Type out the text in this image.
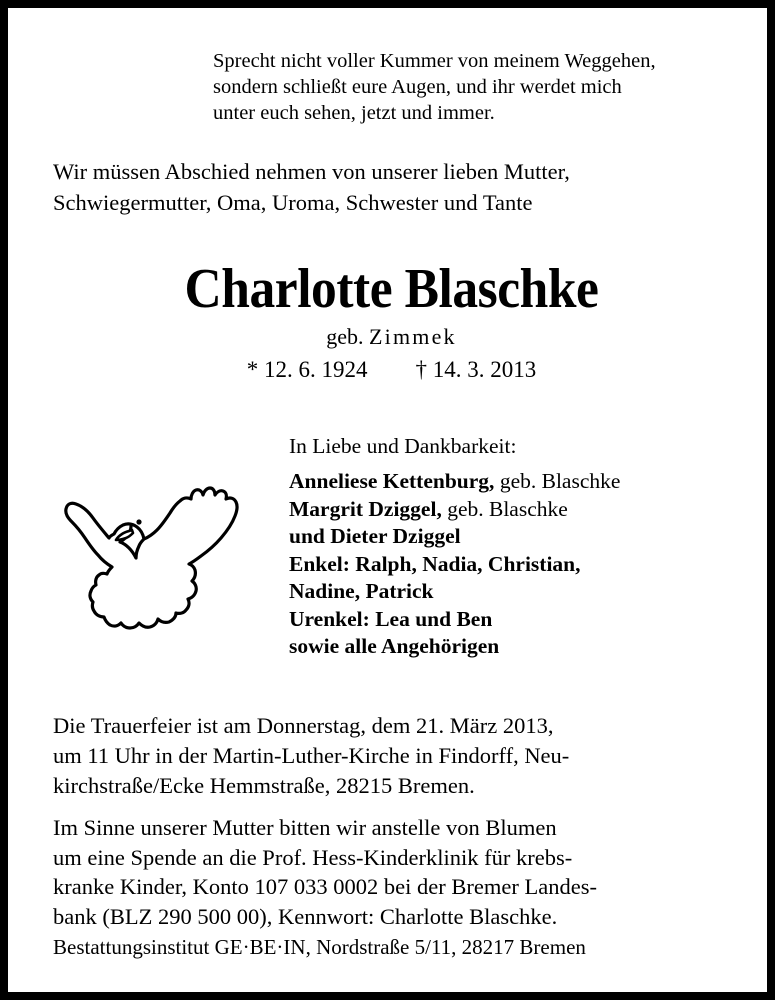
Sprecht nicht voller Kummer von meinem Weggehen,
sondern schließt eure Augen, und ihr werdet mich
unter euch sehen, jetzt und immer.
Wir müssen Abschied nehmen von unserer lieben Mutter,
Schwiegermutter, Oma, Uroma, Schwester und Tante
Charlotte Blaschke
geb. Zimmek
* 12. 6. 1924 † 14. 3. 2013
In Liebe und Dankbarkeit:
Anneliese Kettenburg, geb. Blaschke
Margrit Dziggel, geb. Blaschke
und Dieter Dziggel
Enkel: Ralph, Nadia, Christian,
Nadine, Patrick
Urenkel: Lea und Ben
sowie alle Angehörigen
Die Trauerfeier ist am Donnerstag, dem 21. März 2013,
um 11 Uhr in der Martin-Luther-Kirche in Findorff, Neu-
kirchstraße/Ecke Hemmstraße, 28215 Bremen.
Im Sinne unserer Mutter bitten wir anstelle von Blumen
um eine Spende an die Prof. Hess-Kinderklinik für krebs-
kranke Kinder, Konto 107 033 0002 bei der Bremer Landes-
bank (BLZ 290 500 00), Kennwort: Charlotte Blaschke.
Bestattungsinstitut GE·BE·IN, Nordstraße 5/11, 28217 Bremen
